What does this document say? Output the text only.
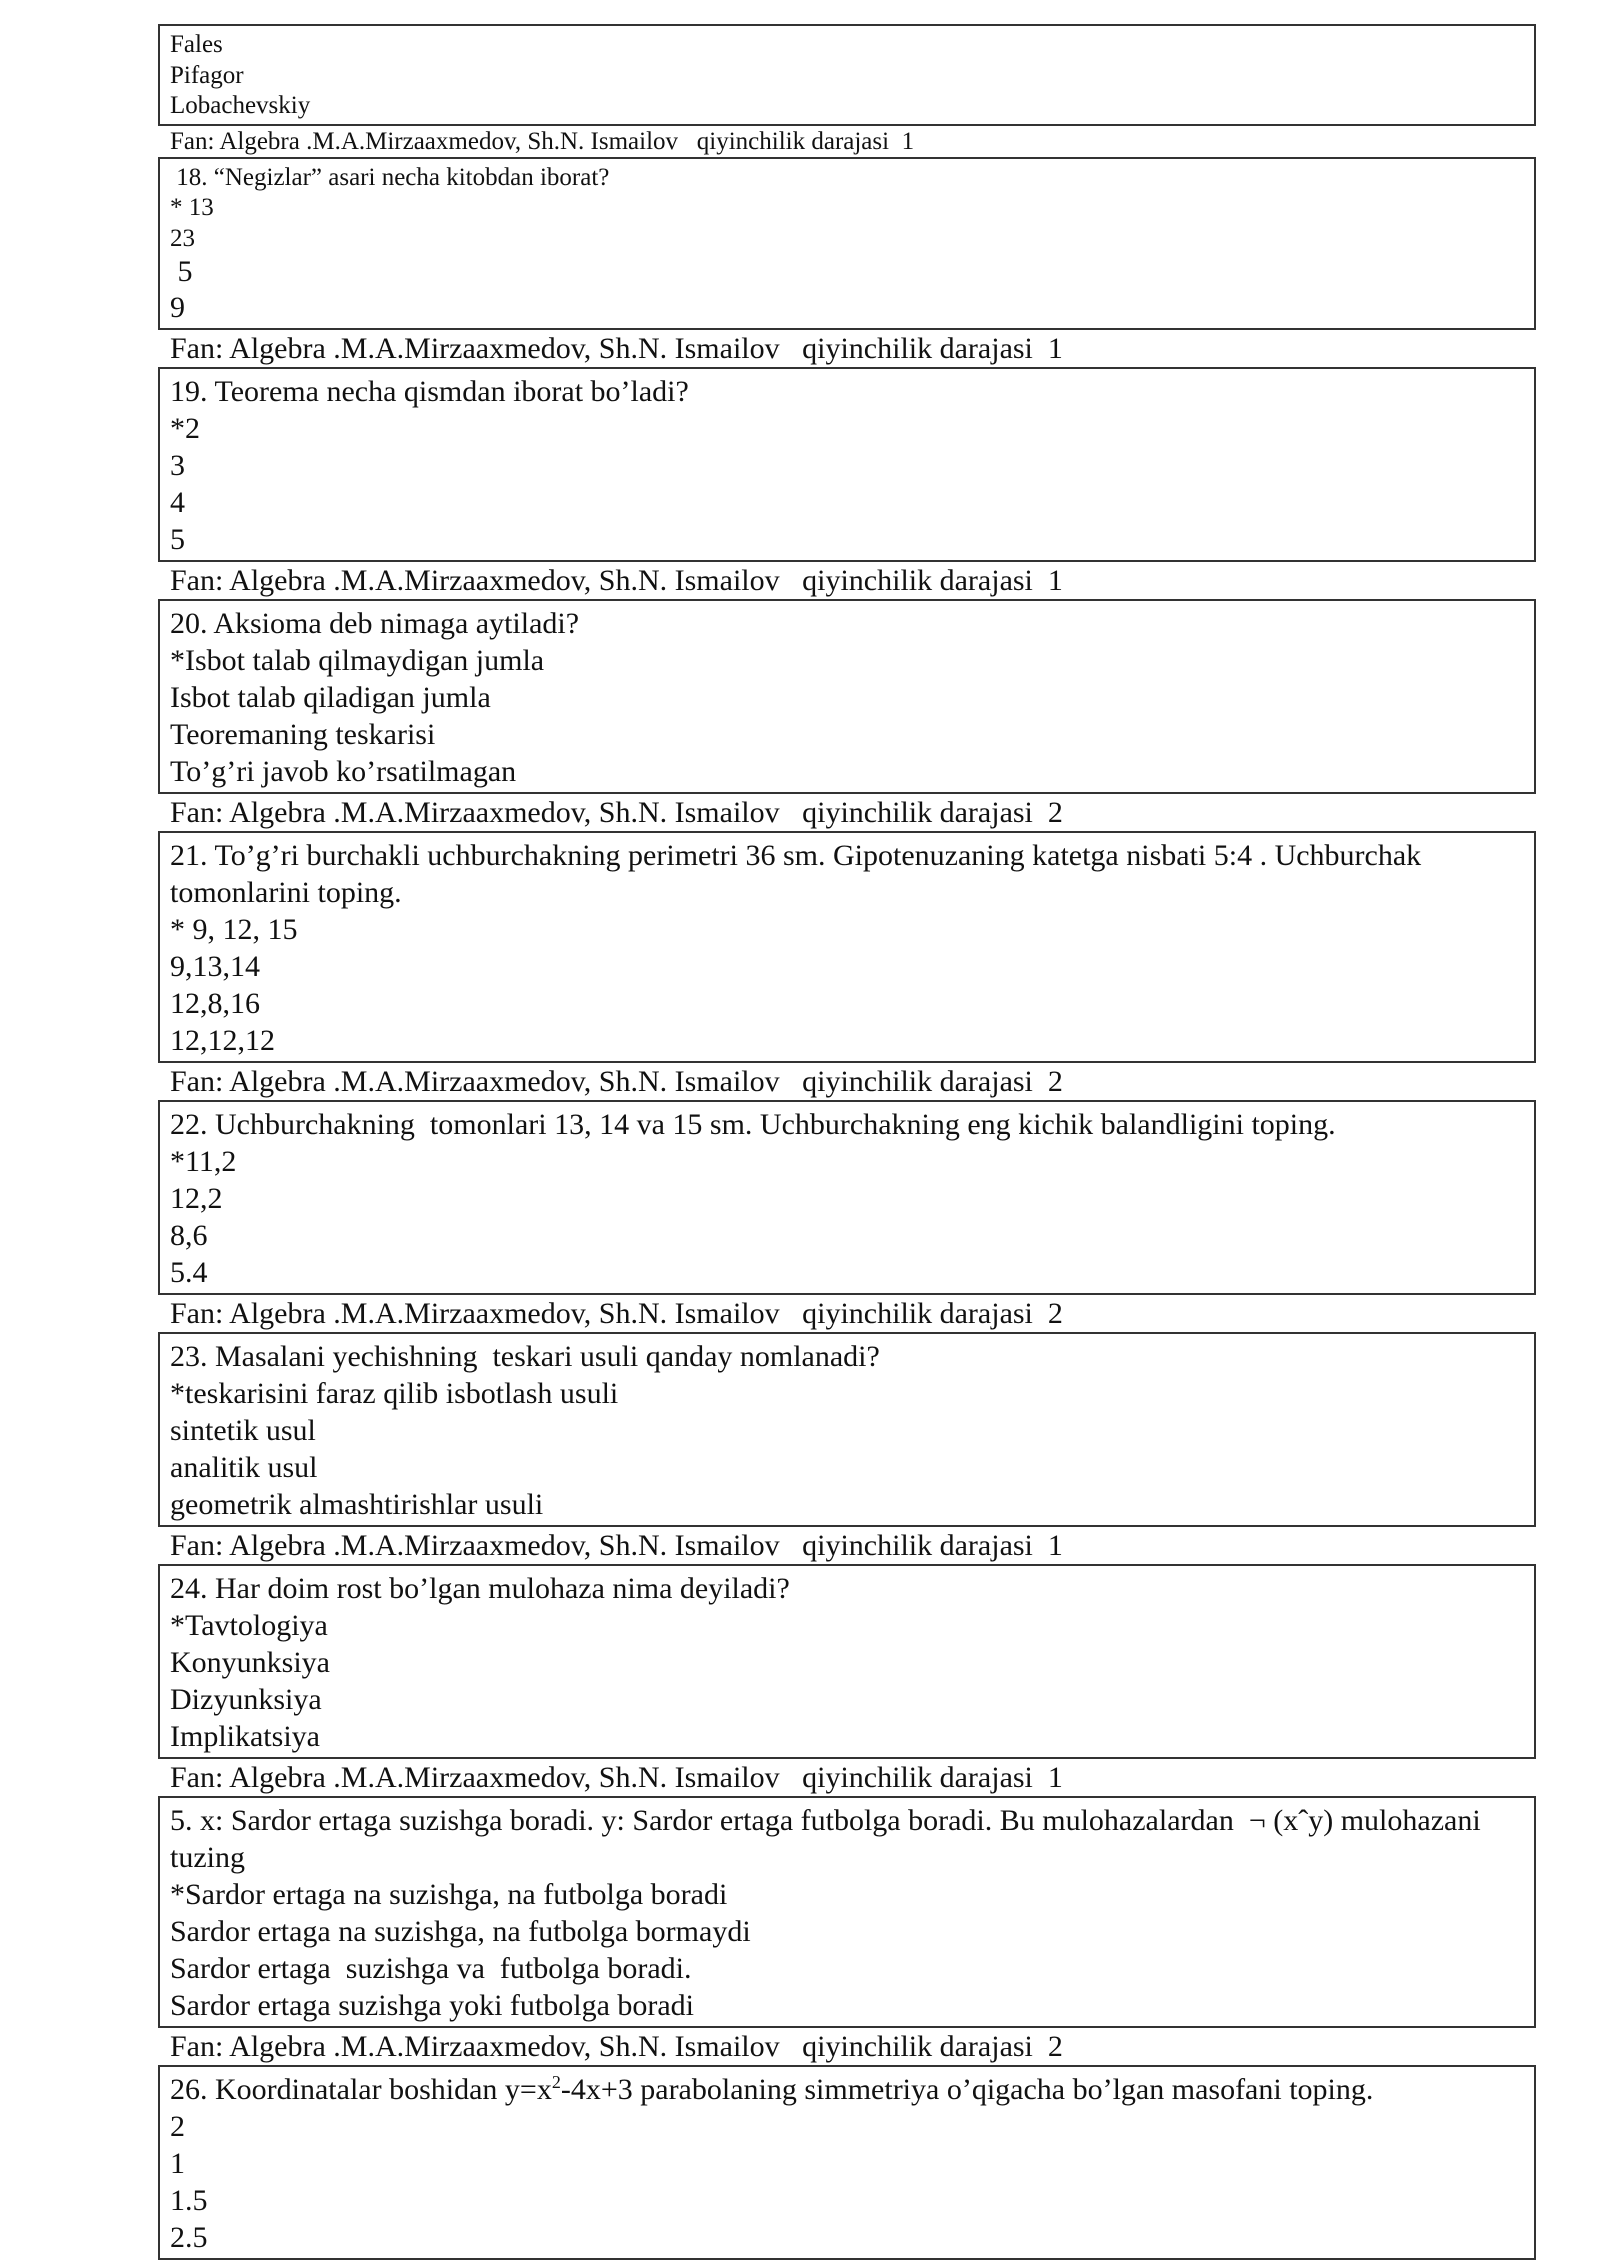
Fales
Pifagor
Lobachevskiy
Fan: Algebra .M.A.Mirzaaxmedov, Sh.N. Ismailov   qiyinchilik darajasi  1
18. “Negizlar” asari necha kitobdan iborat?
* 13
23
5
9
Fan: Algebra .M.A.Mirzaaxmedov, Sh.N. Ismailov   qiyinchilik darajasi  1
19. Teorema necha qismdan iborat bo’ladi?
*2
3
4
5
Fan: Algebra .M.A.Mirzaaxmedov, Sh.N. Ismailov   qiyinchilik darajasi  1
20. Aksioma deb nimaga aytiladi?
*Isbot talab qilmaydigan jumla
Isbot talab qiladigan jumla
Teoremaning teskarisi
To’g’ri javob ko’rsatilmagan
Fan: Algebra .M.A.Mirzaaxmedov, Sh.N. Ismailov   qiyinchilik darajasi  2
21. To’g’ri burchakli uchburchakning perimetri 36 sm. Gipotenuzaning katetga nisbati 5:4 . Uchburchak tomonlarini toping.
* 9, 12, 15
9,13,14
12,8,16
12,12,12
Fan: Algebra .M.A.Mirzaaxmedov, Sh.N. Ismailov   qiyinchilik darajasi  2
22. Uchburchakning  tomonlari 13, 14 va 15 sm. Uchburchakning eng kichik balandligini toping.
*11,2
12,2
8,6
5.4
Fan: Algebra .M.A.Mirzaaxmedov, Sh.N. Ismailov   qiyinchilik darajasi  2
23. Masalani yechishning  teskari usuli qanday nomlanadi?
*teskarisini faraz qilib isbotlash usuli
sintetik usul
analitik usul
geometrik almashtirishlar usuli
Fan: Algebra .M.A.Mirzaaxmedov, Sh.N. Ismailov   qiyinchilik darajasi  1
24. Har doim rost bo’lgan mulohaza nima deyiladi?
*Tavtologiya
Konyunksiya
Dizyunksiya
Implikatsiya
Fan: Algebra .M.A.Mirzaaxmedov, Sh.N. Ismailov   qiyinchilik darajasi  1
5. x: Sardor ertaga suzishga boradi. y: Sardor ertaga futbolga boradi. Bu mulohazalardan  ¬ (xˆy) mulohazani tuzing
*Sardor ertaga na suzishga, na futbolga boradi
Sardor ertaga na suzishga, na futbolga bormaydi
Sardor ertaga  suzishga va  futbolga boradi.
Sardor ertaga suzishga yoki futbolga boradi
Fan: Algebra .M.A.Mirzaaxmedov, Sh.N. Ismailov   qiyinchilik darajasi  2
26. Koordinatalar boshidan $y=x^2-4x+3$ parabolaning simmetriya o’qigacha bo’lgan masofani toping.
2
1
1.5
2.5
